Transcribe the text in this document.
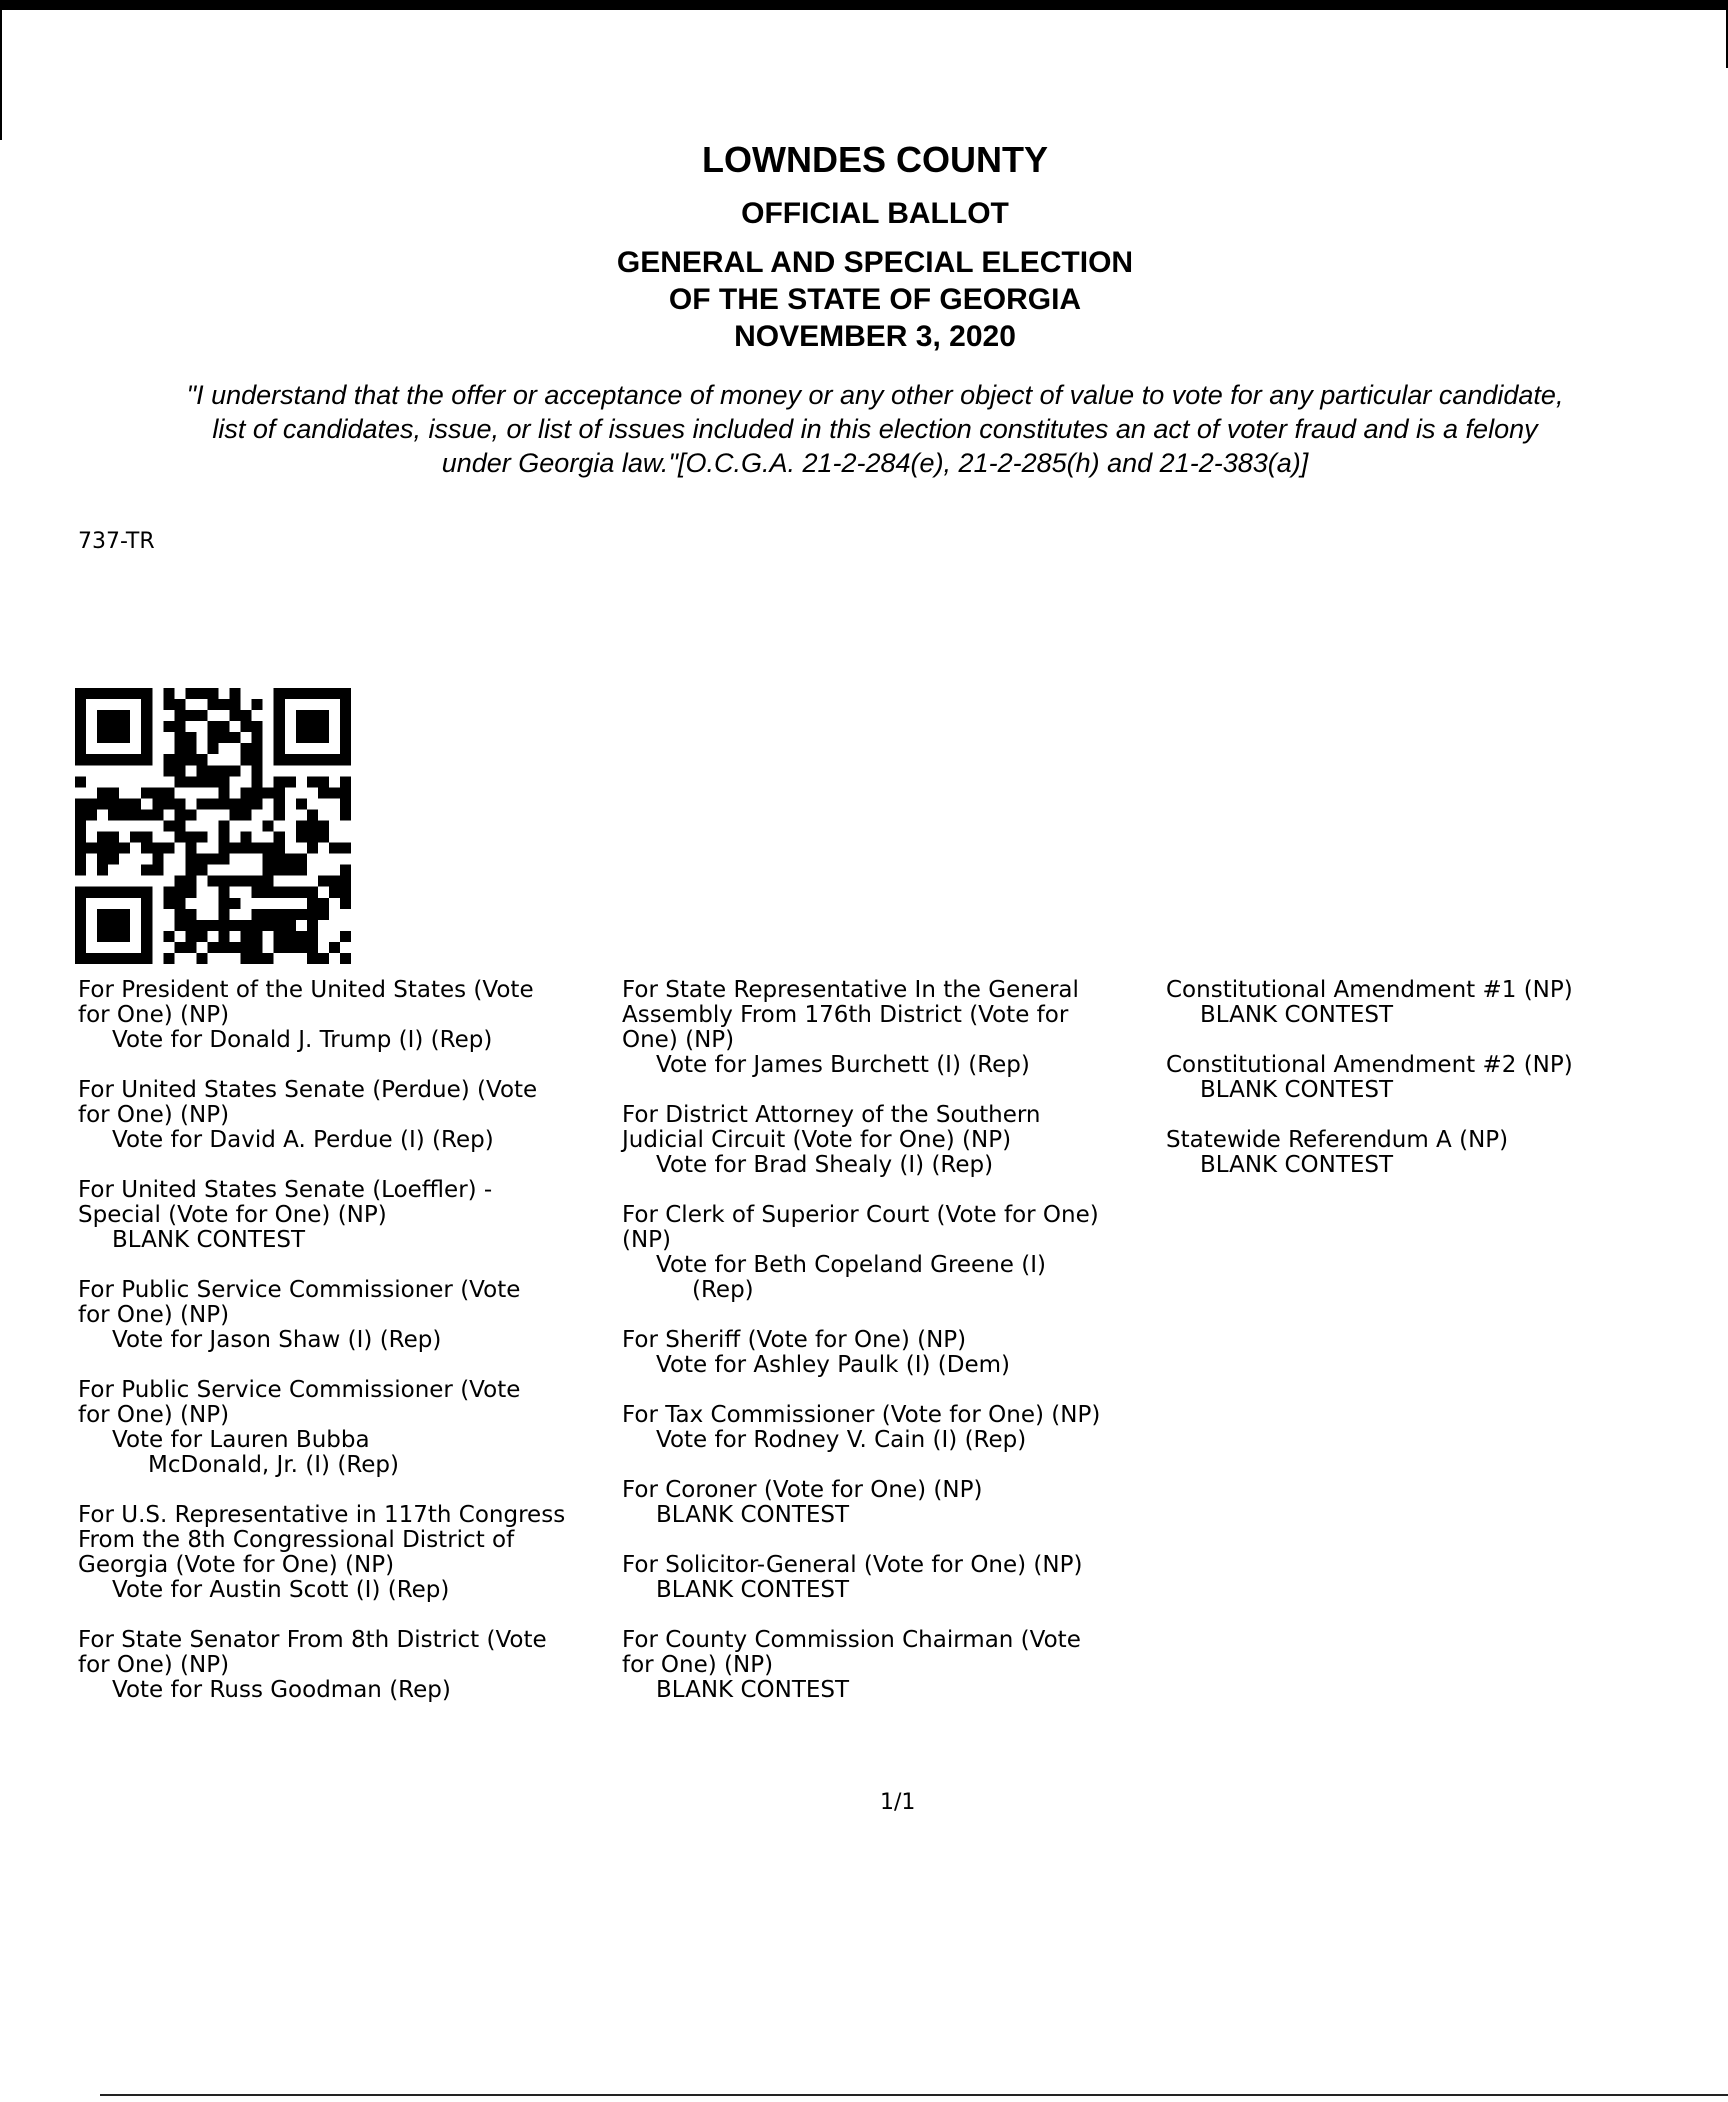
LOWNDES COUNTY
OFFICIAL BALLOT
GENERAL AND SPECIAL ELECTION
OF THE STATE OF GEORGIA
NOVEMBER 3, 2020
"I understand that the offer or acceptance of money or any other object of value to vote for any particular candidate,
list of candidates, issue, or list of issues included in this election constitutes an act of voter fraud and is a felony
under Georgia law."[O.C.G.A. 21-2-284(e), 21-2-285(h) and 21-2-383(a)]
737-TR
For President of the United States (Vote
for One) (NP)
Vote for Donald J. Trump (I) (Rep)
For United States Senate (Perdue) (Vote
for One) (NP)
Vote for David A. Perdue (I) (Rep)
For United States Senate (Loeffler) -
Special (Vote for One) (NP)
BLANK CONTEST
For Public Service Commissioner (Vote
for One) (NP)
Vote for Jason Shaw (I) (Rep)
For Public Service Commissioner (Vote
for One) (NP)
Vote for Lauren Bubba
McDonald, Jr. (I) (Rep)
For U.S. Representative in 117th Congress
From the 8th Congressional District of
Georgia (Vote for One) (NP)
Vote for Austin Scott (I) (Rep)
For State Senator From 8th District (Vote
for One) (NP)
Vote for Russ Goodman (Rep)
For State Representative In the General
Assembly From 176th District (Vote for
One) (NP)
Vote for James Burchett (I) (Rep)
For District Attorney of the Southern
Judicial Circuit (Vote for One) (NP)
Vote for Brad Shealy (I) (Rep)
For Clerk of Superior Court (Vote for One)
(NP)
Vote for Beth Copeland Greene (I)
(Rep)
For Sheriff (Vote for One) (NP)
Vote for Ashley Paulk (I) (Dem)
For Tax Commissioner (Vote for One) (NP)
Vote for Rodney V. Cain (I) (Rep)
For Coroner (Vote for One) (NP)
BLANK CONTEST
For Solicitor-General (Vote for One) (NP)
BLANK CONTEST
For County Commission Chairman (Vote
for One) (NP)
BLANK CONTEST
Constitutional Amendment #1 (NP)
BLANK CONTEST
Constitutional Amendment #2 (NP)
BLANK CONTEST
Statewide Referendum A (NP)
BLANK CONTEST
1/1
